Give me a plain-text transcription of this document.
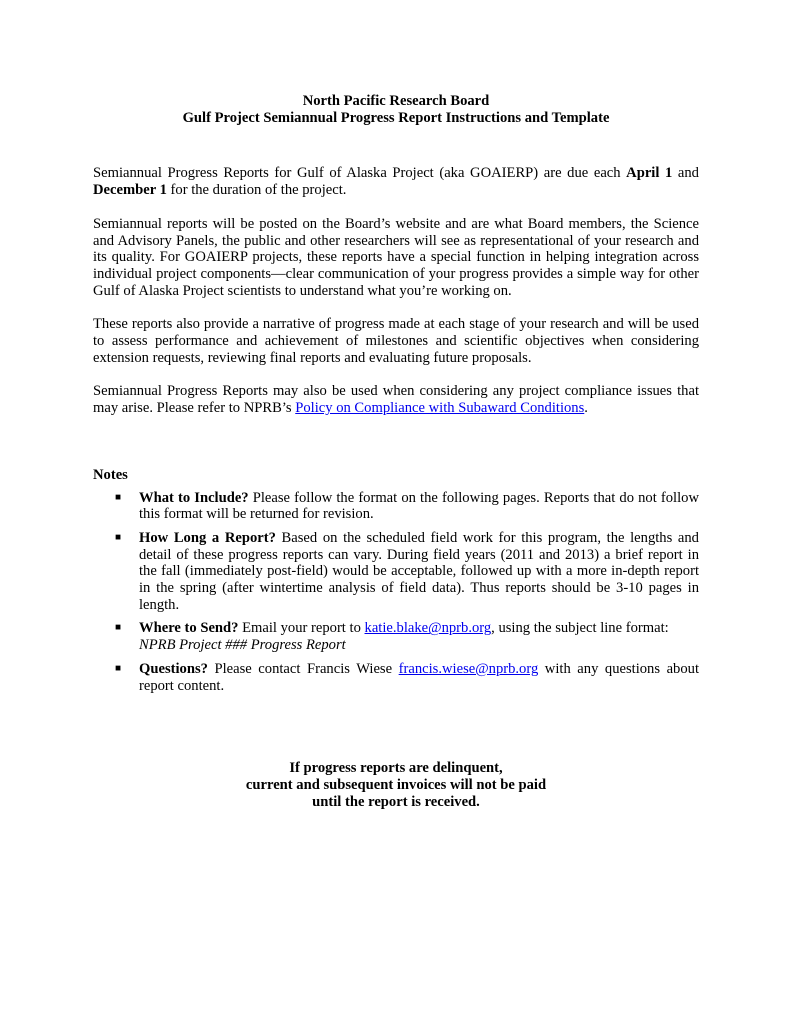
North Pacific Research Board
Gulf Project Semiannual Progress Report Instructions and Template

Semiannual Progress Reports for Gulf of Alaska Project (aka GOAIERP) are due each April 1 and December 1 for the duration of the project.

Semiannual reports will be posted on the Board’s website and are what Board members, the Science and Advisory Panels, the public and other researchers will see as representational of your research and its quality. For GOAIERP projects, these reports have a special function in helping integration across individual project components—clear communication of your progress provides a simple way for other Gulf of Alaska Project scientists to understand what you’re working on.

These reports also provide a narrative of progress made at each stage of your research and will be used to assess performance and achievement of milestones and scientific objectives when considering extension requests, reviewing final reports and evaluating future proposals.

Semiannual Progress Reports may also be used when considering any project compliance issues that may arise. Please refer to NPRB’s Policy on Compliance with Subaward Conditions.

Notes

■ What to Include? Please follow the format on the following pages. Reports that do not follow this format will be returned for revision.
■ How Long a Report? Based on the scheduled field work for this program, the lengths and detail of these progress reports can vary. During field years (2011 and 2013) a brief report in the fall (immediately post-field) would be acceptable, followed up with a more in-depth report in the spring (after wintertime analysis of field data). Thus reports should be 3-10 pages in length.
■ Where to Send? Email your report to katie.blake@nprb.org, using the subject line format:
NPRB Project ### Progress Report
■ Questions? Please contact Francis Wiese francis.wiese@nprb.org with any questions about report content.

If progress reports are delinquent,
current and subsequent invoices will not be paid
until the report is received.
